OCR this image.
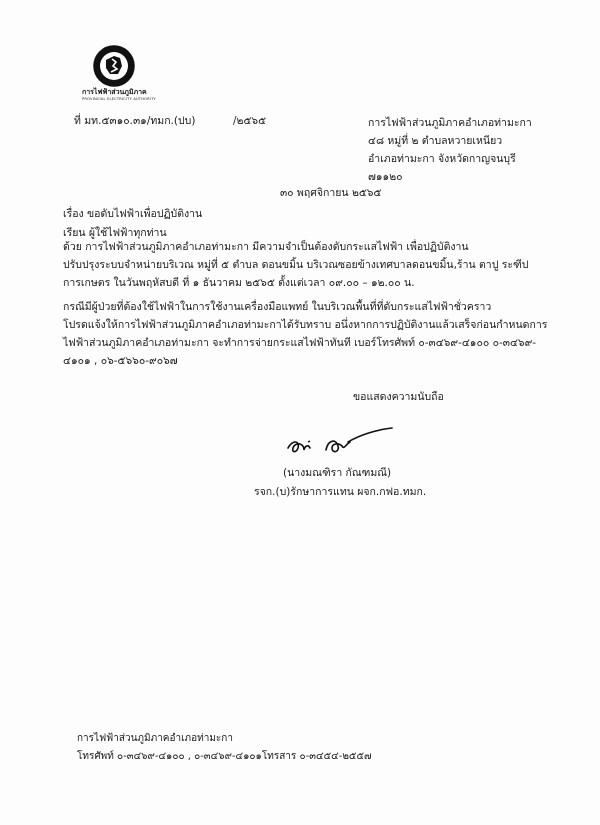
การไฟฟ้าส่วนภูมิภาค
PROVINCIAL ELECTRICITY AUTHORITY
ที่ มท.๕๓๑๐.๓๑/ทมก.(ปบ)	/๒๕๖๕	การไฟฟ้าส่วนภูมิภาคอำเภอท่ามะกา
๔๘ หมู่ที่ ๒ ตำบลหวายเหนียว
อำเภอท่ามะกา จังหวัดกาญจนบุรี
๗๑๑๒๐
๓๐ พฤศจิกายน ๒๕๖๕
เรื่อง ขอดับไฟฟ้าเพื่อปฏิบัติงาน
เรียน ผู้ใช้ไฟฟ้าทุกท่าน
ด้วย การไฟฟ้าส่วนภูมิภาคอำเภอท่ามะกา มีความจำเป็นต้องดับกระแสไฟฟ้า เพื่อปฏิบัติงาน
ปรับปรุงระบบจำหน่ายบริเวณ หมู่ที่ ๕ ตำบล ดอนขมิ้น บริเวณซอยข้างเทศบาลดอนขมิ้น,ร้าน ตาปู ระฑีป
การเกษตร ในวันพฤหัสบดี ที่ ๑ ธันวาคม ๒๕๖๕ ตั้งแต่เวลา ๐๙.๐๐ – ๑๒.๐๐ น.
กรณีมีผู้ป่วยที่ต้องใช้ไฟฟ้าในการใช้งานเครื่องมือแพทย์ ในบริเวณพื้นที่ที่ดับกระแสไฟฟ้าชั่วคราว
โปรดแจ้งให้การไฟฟ้าส่วนภูมิภาคอำเภอท่ามะกาได้รับทราบ อนึ่งหากการปฏิบัติงานแล้วเสร็จก่อนกำหนดการ
ไฟฟ้าส่วนภูมิภาคอำเภอท่ามะกา จะทำการจ่ายกระแสไฟฟ้าทันที เบอร์โทรศัพท์ ๐-๓๔๖๙-๔๑๐๐ ๐-๓๔๖๙-
๔๑๐๑ , ๐๖-๕๖๖๐-๙๐๖๗
ขอแสดงความนับถือ
(นางมณฑิรา กัณฑมณี)
รจก.(บ)รักษาการแทน ผจก.กฟอ.ทมก.
การไฟฟ้าส่วนภูมิภาคอำเภอท่ามะกา
โทรศัพท์ ๐-๓๔๖๙-๔๑๐๐ , ๐-๓๔๖๙-๔๑๐๑โทรสาร ๐-๓๔๕๔-๒๕๕๗
